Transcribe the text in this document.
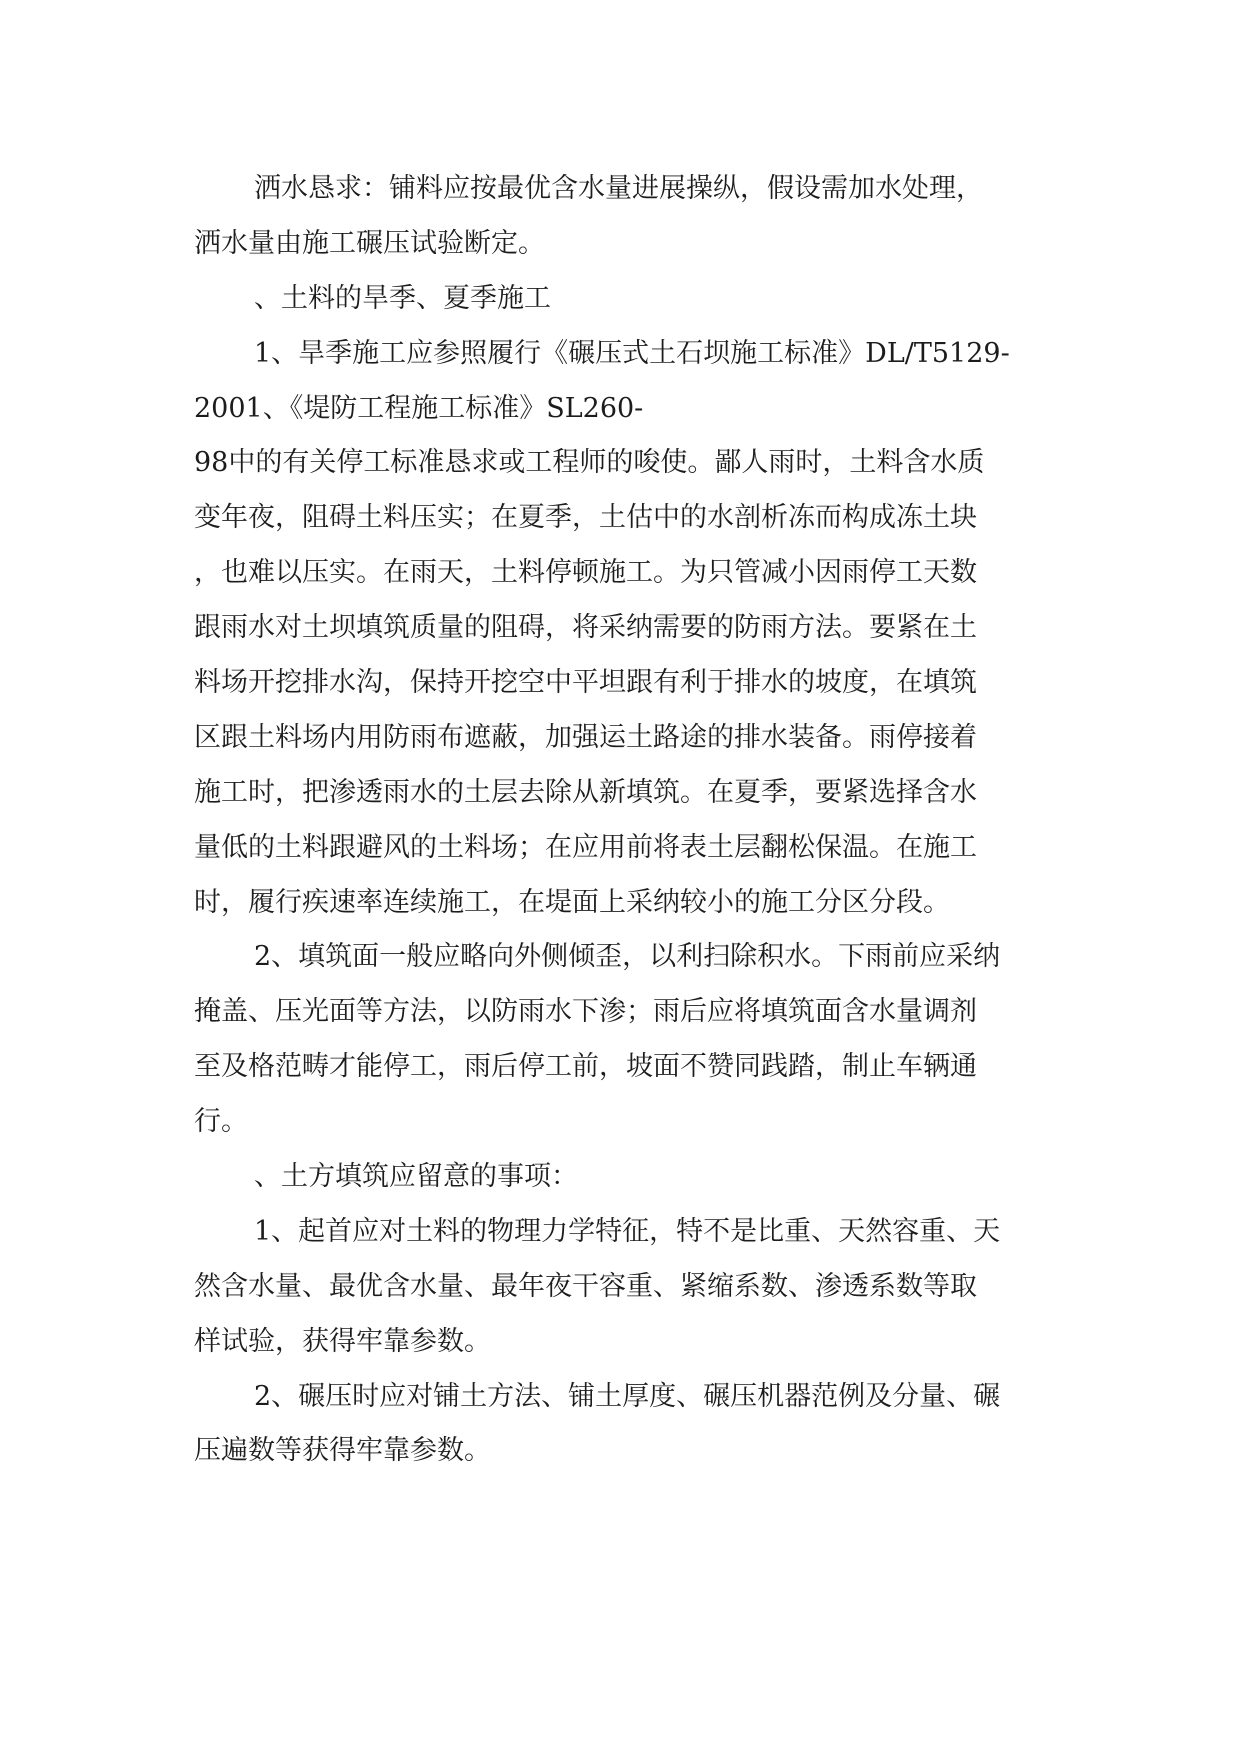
洒水恳求：铺料应按最优含水量进展操纵，假设需加水处理，
洒水量由施工碾压试验断定。
、土料的旱季、夏季施工
1、旱季施工应参照履行《碾压式土石坝施工标准》DL/T5129-
2001、《堤防工程施工标准》SL260-
98中的有关停工标准恳求或工程师的唆使。鄙人雨时，土料含水质
变年夜，阻碍土料压实；在夏季，土估中的水剖析冻而构成冻土块
，也难以压实。在雨天，土料停顿施工。为只管减小因雨停工天数
跟雨水对土坝填筑质量的阻碍，将采纳需要的防雨方法。要紧在土
料场开挖排水沟，保持开挖空中平坦跟有利于排水的坡度，在填筑
区跟土料场内用防雨布遮蔽，加强运土路途的排水装备。雨停接着
施工时，把渗透雨水的土层去除从新填筑。在夏季，要紧选择含水
量低的土料跟避风的土料场；在应用前将表土层翻松保温。在施工
时，履行疾速率连续施工，在堤面上采纳较小的施工分区分段。
2、填筑面一般应略向外侧倾歪，以利扫除积水。下雨前应采纳
掩盖、压光面等方法，以防雨水下渗；雨后应将填筑面含水量调剂
至及格范畴才能停工，雨后停工前，坡面不赞同践踏，制止车辆通
行。
、土方填筑应留意的事项：
1、起首应对土料的物理力学特征，特不是比重、天然容重、天
然含水量、最优含水量、最年夜干容重、紧缩系数、渗透系数等取
样试验，获得牢靠参数。
2、碾压时应对铺土方法、铺土厚度、碾压机器范例及分量、碾
压遍数等获得牢靠参数。
